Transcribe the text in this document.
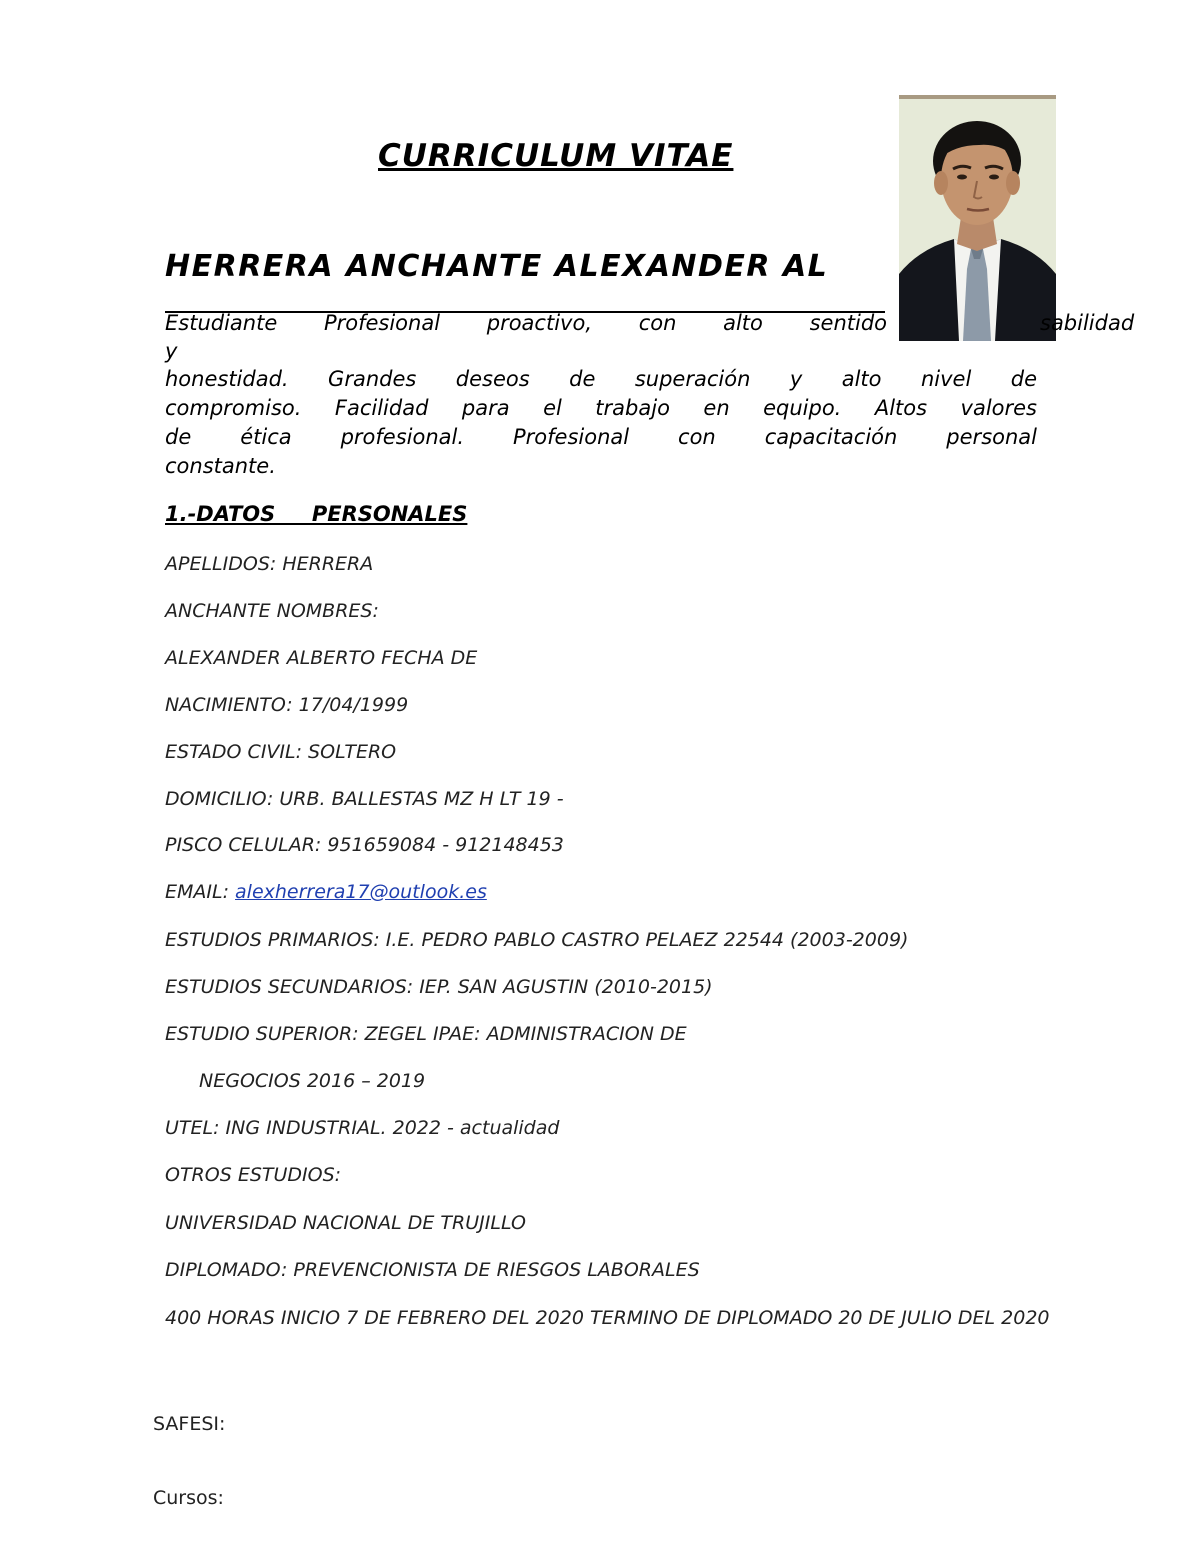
CURRICULUM VITAE
HERRERA ANCHANTE ALEXANDER AL
Estudiante Profesional proactivo, con alto sentido	sabilidad
y
honestidad. Grandes deseos de superación y alto nivel de
compromiso. Facilidad para el trabajo en equipo. Altos valores
de ética profesional. Profesional con capacitación personal
constante.
1.-DATOS     PERSONALES
APELLIDOS: HERRERA
ANCHANTE NOMBRES:
ALEXANDER ALBERTO FECHA DE
NACIMIENTO: 17/04/1999
ESTADO CIVIL: SOLTERO
DOMICILIO: URB. BALLESTAS MZ H LT 19 -
PISCO CELULAR: 951659084 - 912148453
EMAIL: alexherrera17@outlook.es
ESTUDIOS PRIMARIOS: I.E. PEDRO PABLO CASTRO PELAEZ 22544 (2003-2009)
ESTUDIOS SECUNDARIOS: IEP. SAN AGUSTIN (2010-2015)
ESTUDIO SUPERIOR: ZEGEL IPAE: ADMINISTRACION DE
NEGOCIOS 2016 – 2019
UTEL: ING INDUSTRIAL. 2022 - actualidad
OTROS ESTUDIOS:
UNIVERSIDAD NACIONAL DE TRUJILLO
DIPLOMADO: PREVENCIONISTA DE RIESGOS LABORALES
400 HORAS INICIO 7 DE FEBRERO DEL 2020 TERMINO DE DIPLOMADO 20 DE JULIO DEL 2020
SAFESI:
Cursos:
